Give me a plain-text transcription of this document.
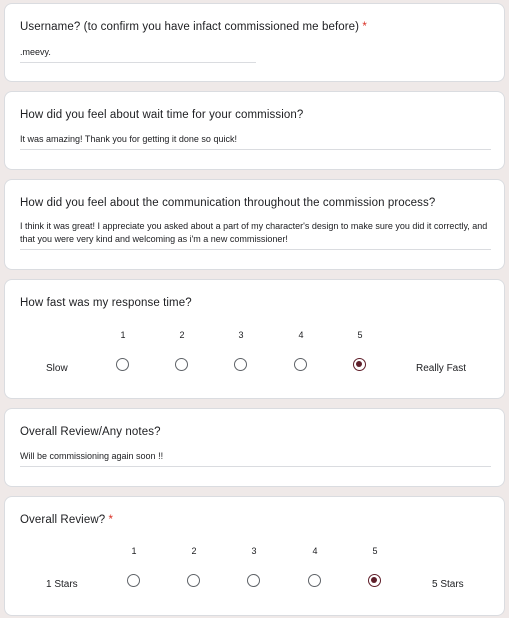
Username? (to confirm you have infact commissioned me before) *
.meevy.
How did you feel about wait time for your commission?
It was amazing! Thank you for getting it done so quick!
How did you feel about the communication throughout the commission process?
I think it was great! I appreciate you asked about a part of my character's design to make sure you did it correctly, and that you were very kind and welcoming as i'm a new commissioner!
How fast was my response time?
Slow
1	2	3	4	5
Really Fast
Overall Review/Any notes?
Will be commissioning again soon !!
Overall Review? *
1 Stars
1	2	3	4	5
5 Stars
